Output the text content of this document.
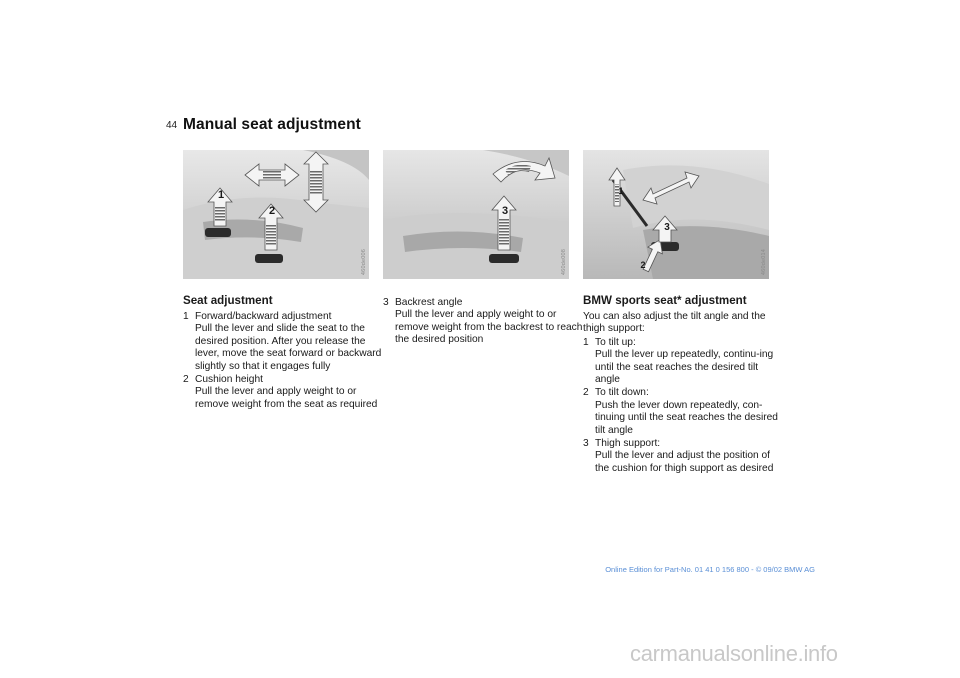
44 Manual seat adjustment
1
2
460de006
3
460de008
1
2
3
460de014
Seat adjustment
1 Forward/backward adjustment
Pull the lever and slide the seat to the desired position. After you release the lever, move the seat forward or backward slightly so that it engages fully
2 Cushion height
Pull the lever and apply weight to or remove weight from the seat as required
3 Backrest angle
Pull the lever and apply weight to or remove weight from the backrest to reach the desired position
BMW sports seat* adjustment

You can also adjust the tilt angle and the thigh support:

1 To tilt up:
Pull the lever up repeatedly, continu-ing until the seat reaches the desired tilt angle
2 To tilt down:
Push the lever down repeatedly, con-tinuing until the seat reaches the desired tilt angle
3 Thigh support:
Pull the lever and adjust the position of the cushion for thigh support as desired
Online Edition for Part-No. 01 41 0 156 800 - © 09/02 BMW AG
carmanualsonline.info
